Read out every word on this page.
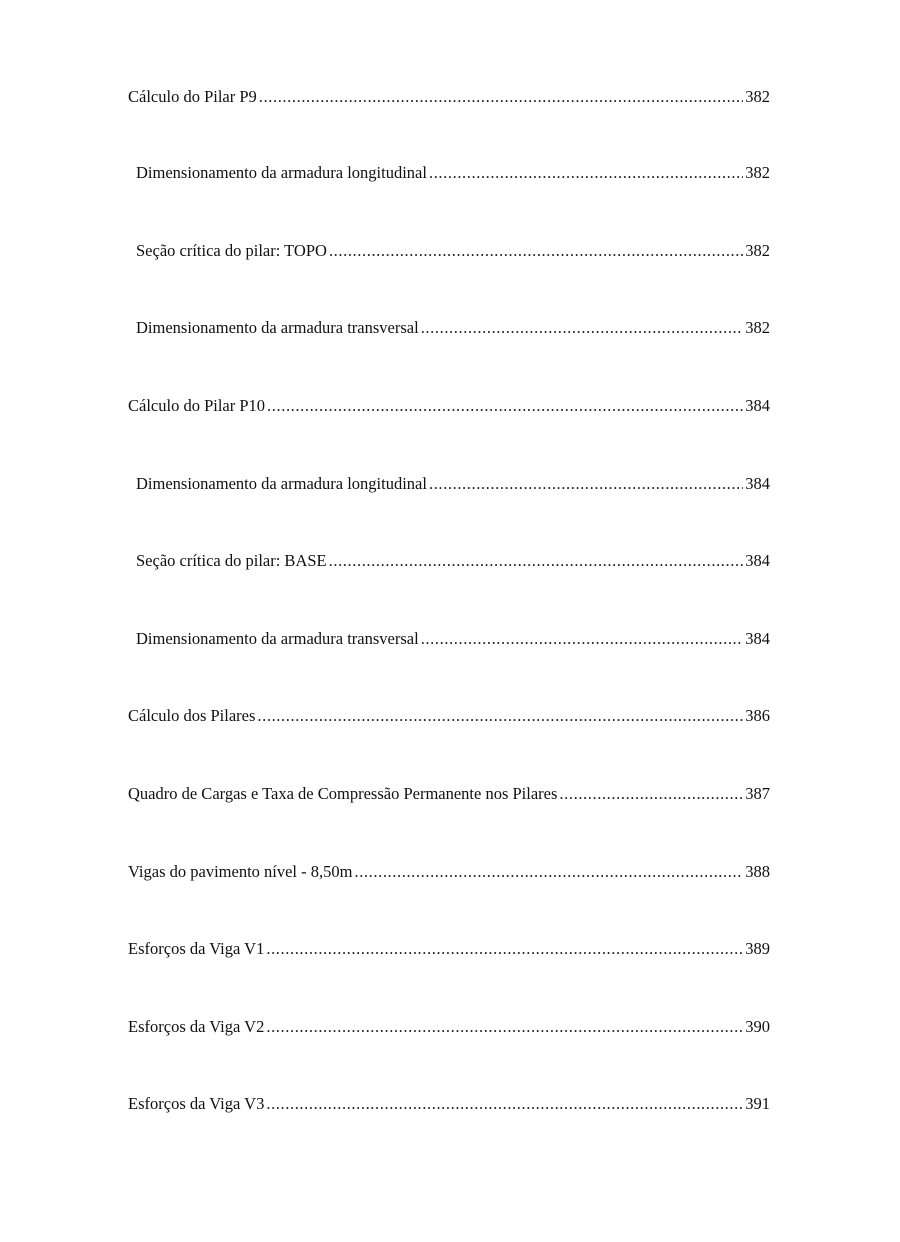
Cálculo do Pilar P9 .....	382
Dimensionamento da armadura longitudinal .....	382
Seção crítica do pilar: TOPO .....	382
Dimensionamento da armadura transversal .....	382
Cálculo do Pilar P10 .....	384
Dimensionamento da armadura longitudinal .....	384
Seção crítica do pilar: BASE .....	384
Dimensionamento da armadura transversal .....	384
Cálculo dos Pilares .....	386
Quadro de Cargas e Taxa de Compressão Permanente nos Pilares .....	387
Vigas do pavimento nível - 8,50m .....	388
Esforços da Viga V1 .....	389
Esforços da Viga V2 .....	390
Esforços da Viga V3 .....	391
